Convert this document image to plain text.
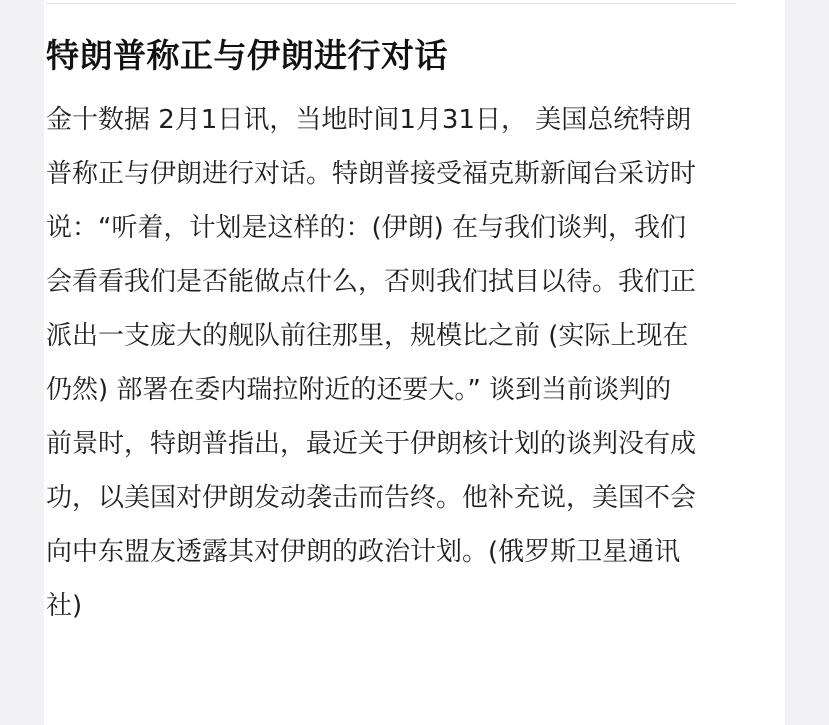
特朗普称正与伊朗进行对话

金十数据 2月1日讯，当地时间1月31日， 美国总统特朗普称正与伊朗进行对话。特朗普接受福克斯新闻台采访时说：“听着，计划是这样的：(伊朗) 在与我们谈判，我们会看看我们是否能做点什么，否则我们拭目以待。我们正派出一支庞大的舰队前往那里，规模比之前 (实际上现在仍然) 部署在委内瑞拉附近的还要大。” 谈到当前谈判的前景时，特朗普指出，最近关于伊朗核计划的谈判没有成功，以美国对伊朗发动袭击而告终。他补充说，美国不会向中东盟友透露其对伊朗的政治计划。(俄罗斯卫星通讯社)
